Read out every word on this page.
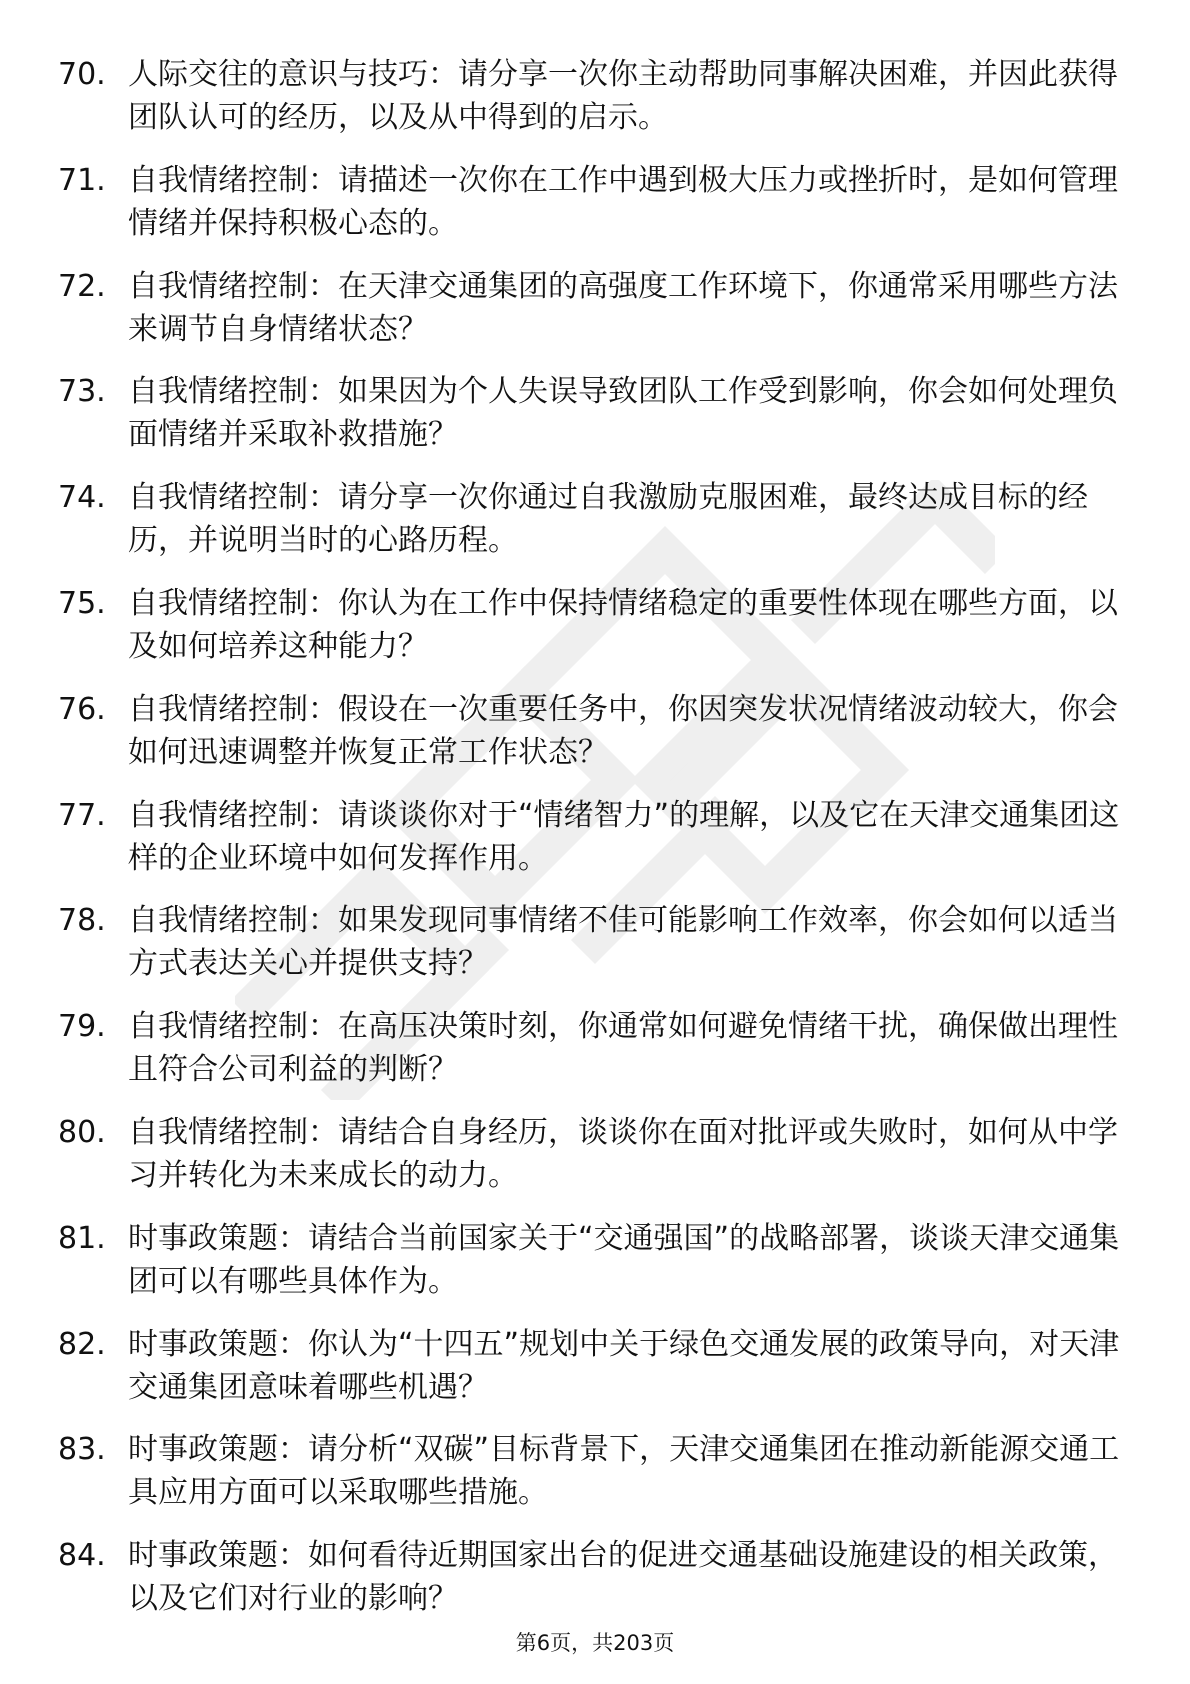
70. 人际交往的意识与技巧：请分享一次你主动帮助同事解决困难，并因此获得团队认可的经历，以及从中得到的启示。

71. 自我情绪控制：请描述一次你在工作中遇到极大压力或挫折时，是如何管理情绪并保持积极心态的。

72. 自我情绪控制：在天津交通集团的高强度工作环境下，你通常采用哪些方法来调节自身情绪状态？

73. 自我情绪控制：如果因为个人失误导致团队工作受到影响，你会如何处理负面情绪并采取补救措施？

74. 自我情绪控制：请分享一次你通过自我激励克服困难，最终达成目标的经历，并说明当时的心路历程。

75. 自我情绪控制：你认为在工作中保持情绪稳定的重要性体现在哪些方面，以及如何培养这种能力？

76. 自我情绪控制：假设在一次重要任务中，你因突发状况情绪波动较大，你会如何迅速调整并恢复正常工作状态？

77. 自我情绪控制：请谈谈你对于“情绪智力”的理解，以及它在天津交通集团这样的企业环境中如何发挥作用。

78. 自我情绪控制：如果发现同事情绪不佳可能影响工作效率，你会如何以适当方式表达关心并提供支持？

79. 自我情绪控制：在高压决策时刻，你通常如何避免情绪干扰，确保做出理性且符合公司利益的判断？

80. 自我情绪控制：请结合自身经历，谈谈你在面对批评或失败时，如何从中学习并转化为未来成长的动力。

81. 时事政策题：请结合当前国家关于“交通强国”的战略部署，谈谈天津交通集团可以有哪些具体作为。

82. 时事政策题：你认为“十四五”规划中关于绿色交通发展的政策导向，对天津交通集团意味着哪些机遇？

83. 时事政策题：请分析“双碳”目标背景下，天津交通集团在推动新能源交通工具应用方面可以采取哪些措施。

84. 时事政策题：如何看待近期国家出台的促进交通基础设施建设的相关政策，以及它们对行业的影响？

第6页，共203页
